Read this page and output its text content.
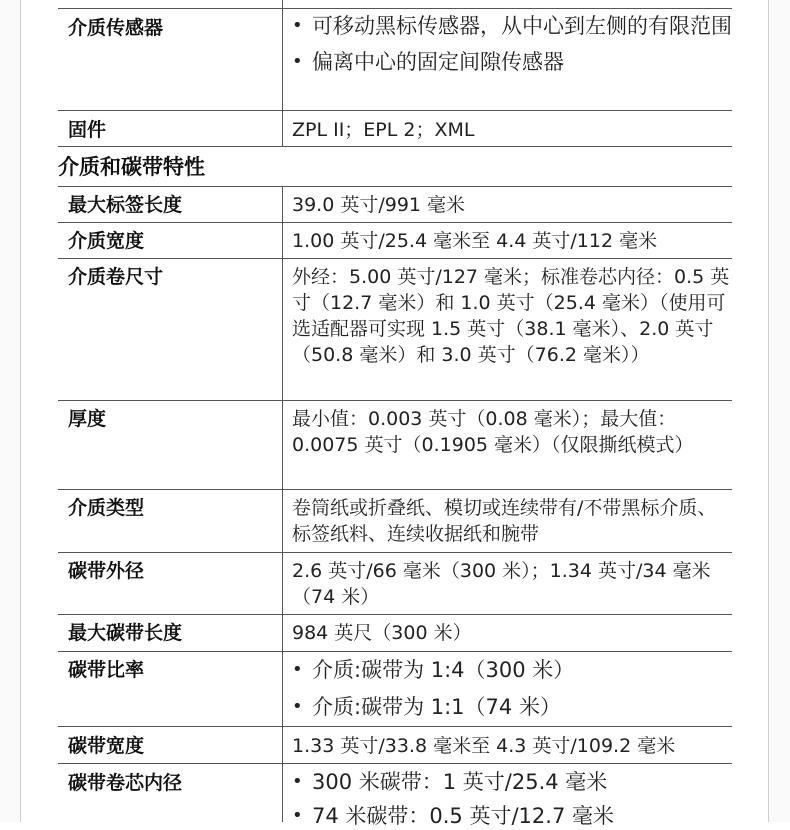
介质传感器	• 可移动黑标传感器，从中心到左侧的有限范围
• 偏离中心的固定间隙传感器
固件	ZPL II；EPL 2；XML
介质和碳带特性
最大标签长度	39.0 英寸/991 毫米
介质宽度	1.00 英寸/25.4 毫米至 4.4 英寸/112 毫米
介质卷尺寸	外经：5.00 英寸/127 毫米；标准卷芯内径：0.5 英寸（12.7 毫米）和 1.0 英寸（25.4 毫米）（使用可选适配器可实现 1.5 英寸（38.1 毫米）、2.0 英寸（50.8 毫米）和 3.0 英寸（76.2 毫米））
厚度	最小值：0.003 英寸（0.08 毫米）；最大值：0.0075 英寸（0.1905 毫米）（仅限撕纸模式）
介质类型	卷筒纸或折叠纸、模切或连续带有/不带黑标介质、标签纸料、连续收据纸和腕带
碳带外径	2.6 英寸/66 毫米（300 米）；1.34 英寸/34 毫米（74 米）
最大碳带长度	984 英尺（300 米）
碳带比率	• 介质:碳带为 1:4（300 米）
• 介质:碳带为 1:1（74 米）
碳带宽度	1.33 英寸/33.8 毫米至 4.3 英寸/109.2 毫米
碳带卷芯内径	• 300 米碳带：1 英寸/25.4 毫米
• 74 米碳带：0.5 英寸/12.7 毫米
